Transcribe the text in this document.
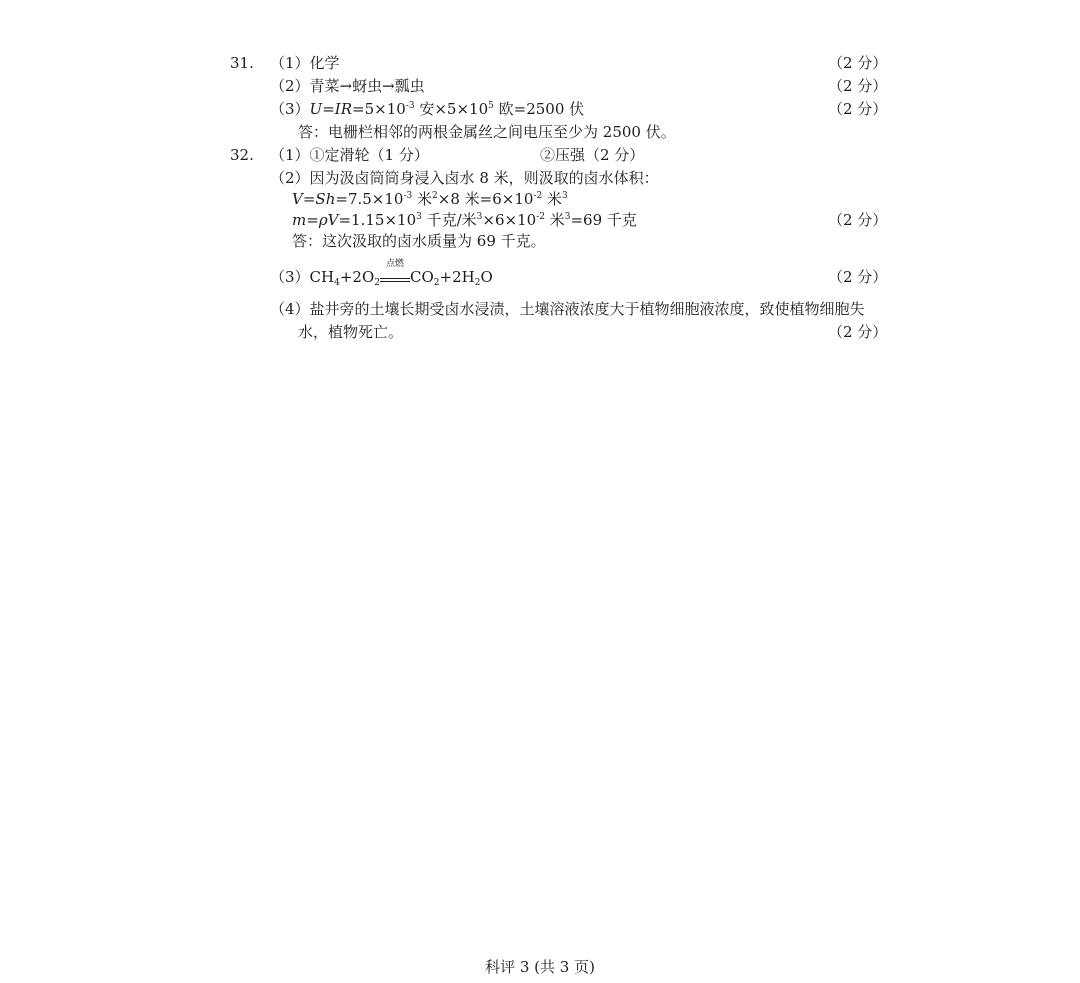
31. （1）化学	（2 分）
（2）青菜→蚜虫→瓢虫	（2 分）
$(3)U=IR=5\times 10^{-3}$ 安$\times 5\times 10^5$ 欧=2500 伏	（2 分）
答：电栅栏相邻的两根金属丝之间电压至少为 2500 伏。
32. （1）①定滑轮（1 分）	②压强（2 分）
（2）因为汲卤筒筒身浸入卤水 8 米，则汲取的卤水体积：
$V=Sh=7.5\times 10^{-3}$ 米$^2$×8 米$=6\times 10^{-2}$ 米$^3$
$m=\rho V=1.15\times 10^3$ 千克/米$^3\times 6\times 10^{-2}$ 米$^3$=69 千克	（2 分）
答：这次汲取的卤水质量为 69 千克。
$(3)CH_4+2O_2$
点燃
$CO_2+2H_2O$	（2 分）
（4）盐井旁的土壤长期受卤水浸渍，土壤溶液浓度大于植物细胞液浓度，致使植物细胞失
水，植物死亡。	（2 分）
科评 3 (共 3 页)
